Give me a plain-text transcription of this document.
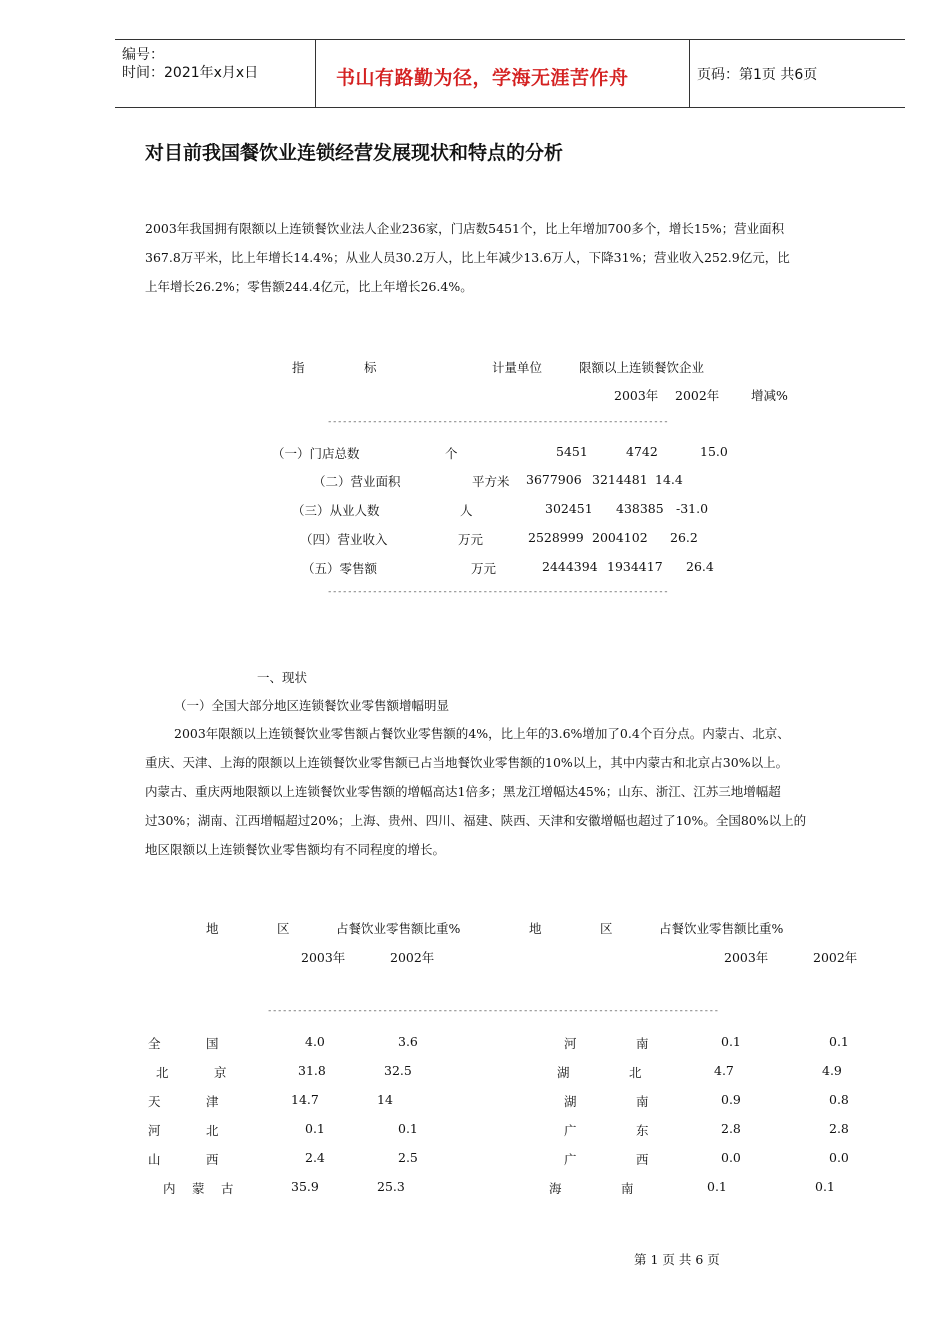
编号：
时间：2021年x月x日	书山有路勤为径，学海无涯苦作舟	页码：第1页 共6页
对目前我国餐饮业连锁经营发展现状和特点的分析
2003年我国拥有限额以上连锁餐饮业法人企业236家，门店数5451个，比上年增加700多个，增长15%；营业面积
367.8万平米，比上年增长14.4%；从业人员30.2万人，比上年减少13.6万人，下降31%；营业收入252.9亿元，比
上年增长26.2%；零售额244.4亿元，比上年增长26.4%。
指	标	计量单位	限额以上连锁餐饮企业
2003年 2002年	增减%
--------------------------------------------------------------------
（一）门店总数	个	5451	4742	15.0
（二）营业面积	平方米 3677906 3214481 14.4
（三）从业人数	人	302451 438385 -31.0
（四）营业收入	万元	2528999 2004102 26.2
（五）零售额	万元	2444394 1934417 26.4
--------------------------------------------------------------------
一、现状
（一）全国大部分地区连锁餐饮业零售额增幅明显
2003年限额以上连锁餐饮业零售额占餐饮业零售额的4%，比上年的3.6%增加了0.4个百分点。内蒙古、北京、
重庆、天津、上海的限额以上连锁餐饮业零售额已占当地餐饮业零售额的10%以上，其中内蒙古和北京占30%以上。
内蒙古、重庆两地限额以上连锁餐饮业零售额的增幅高达1倍多；黑龙江增幅达45%；山东、浙江、江苏三地增幅超
过30%；湖南、江西增幅超过20%；上海、贵州、四川、福建、陕西、天津和安徽增幅也超过了10%。全国80%以上的
地区限额以上连锁餐饮业零售额均有不同程度的增长。
地	区	占餐饮业零售额比重%	地	区	占餐饮业零售额比重%
2003年	2002年	2003年	2002年
------------------------------------------------------------------------------------------
全	国	4.0	3.6
北	京	31.8	32.5
天	津	14.7	14
河	北	0.1	0.1
山	西	2.4	2.5
内 蒙 古	35.9	25.3
河	南	0.1	0.1
湖	北	4.7	4.9
湖	南	0.9	0.8
广	东	2.8	2.8
广	西	0.0	0.0
海	南	0.1	0.1
第 1 页 共 6 页
